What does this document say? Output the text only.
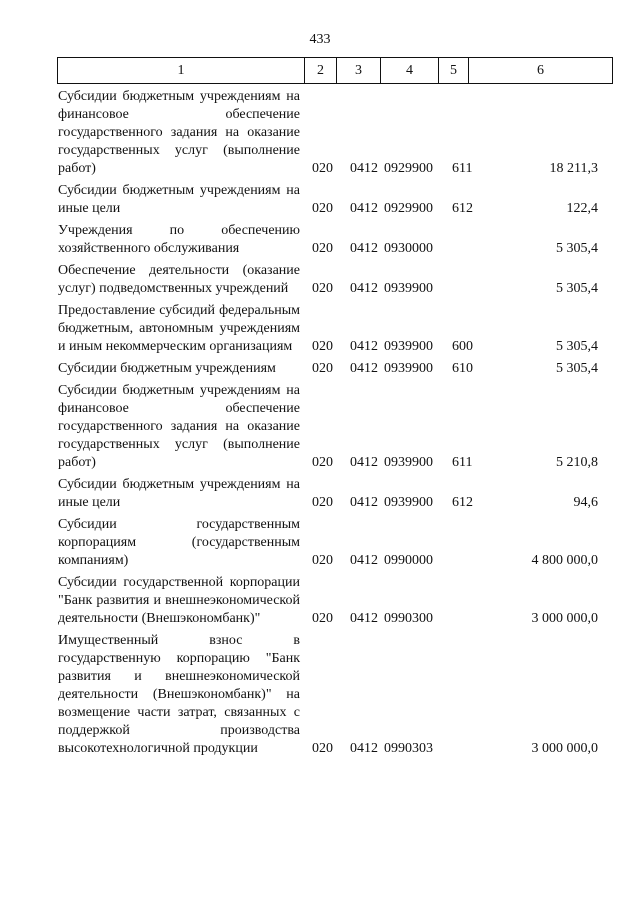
433
1	2	3	4	5	6
Субсидии бюджетным учреждениям на финансовое обеспечение государственного задания на оказание государственных услуг (выполнение работ)	020 0412 0929900 611	18 211,3
Субсидии бюджетным учреждениям на иные цели	020 0412 0929900 612	122,4
Учреждения по обеспечению хозяйственного обслуживания	020 0412 0930000	5 305,4
Обеспечение деятельности (оказание услуг) подведомственных учреждений	020 0412 0939900	5 305,4
Предоставление субсидий федеральным бюджетным, автономным учреждениям и иным некоммерческим организациям	020 0412 0939900 600	5 305,4
Субсидии бюджетным учреждениям	020 0412 0939900 610	5 305,4
Субсидии бюджетным учреждениям на финансовое обеспечение государственного задания на оказание государственных услуг (выполнение работ)	020 0412 0939900 611	5 210,8
Субсидии бюджетным учреждениям на иные цели	020 0412 0939900 612	94,6
Субсидии государственным корпорациям (государственным компаниям)	020 0412 0990000	4 800 000,0
Субсидии государственной корпорации "Банк развития и внешнеэкономической деятельности (Внешэкономбанк)"	020 0412 0990300	3 000 000,0
Имущественный взнос в государственную корпорацию "Банк развития и внешнеэкономической деятельности (Внешэкономбанк)" на возмещение части затрат, связанных с поддержкой производства высокотехнологичной продукции	020 0412 0990303	3 000 000,0
